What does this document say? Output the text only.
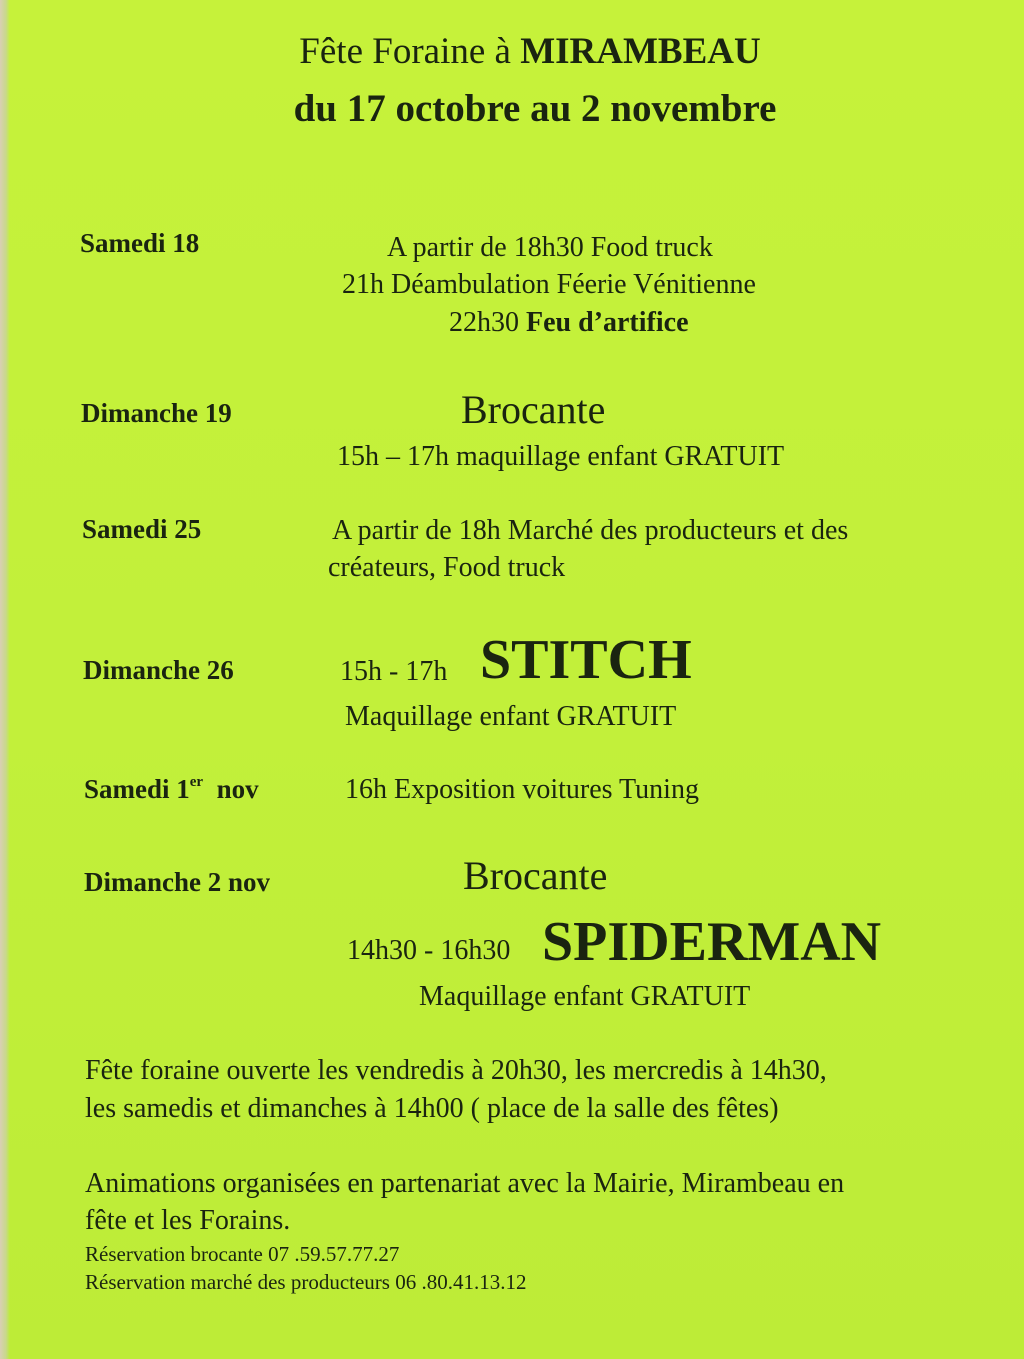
Fête Foraine à MIRAMBEAU
du 17 octobre au 2 novembre
Samedi 18	A partir de 18h30 Food truck
21h Déambulation Féerie Vénitienne
22h30 Feu d’artifice
Dimanche 19	Brocante
15h – 17h maquillage enfant GRATUIT
Samedi 25	A partir de 18h Marché des producteurs et des
créateurs, Food truck
Dimanche 26	15h - 17h STITCH
Maquillage enfant GRATUIT
Samedi 1er nov	16h Exposition voitures Tuning
Dimanche 2 nov	Brocante
14h30 - 16h30 SPIDERMAN
Maquillage enfant GRATUIT
Fête foraine ouverte les vendredis à 20h30, les mercredis à 14h30,
les samedis et dimanches à 14h00 ( place de la salle des fêtes)
Animations organisées en partenariat avec la Mairie, Mirambeau en
fête et les Forains.
Réservation brocante 07 .59.57.77.27
Réservation marché des producteurs 06 .80.41.13.12
